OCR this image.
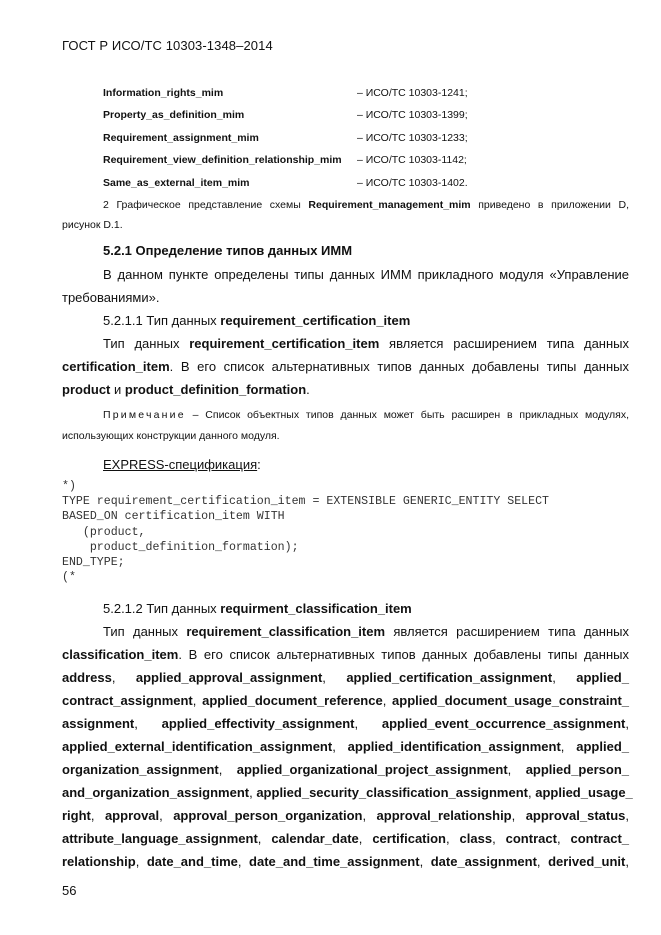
ГОСТ Р ИСО/ТС 10303-1348–2014
Information_rights_mim	– ИСО/ТС 10303-1241;
Property_as_definition_mim	– ИСО/ТС 10303-1399;
Requirement_assignment_mim	– ИСО/ТС 10303-1233;
Requirement_view_definition_relationship_mim – ИСО/ТС 10303-1142;
Same_as_external_item_mim	– ИСО/ТС 10303-1402.
2 Графическое представление схемы Requirement_management_mim приведено в приложении D,
рисунок D.1.
5.2.1 Определение типов данных ИММ
В данном пункте определены типы данных ИММ прикладного модуля «Управление
требованиями».
5.2.1.1 Тип данных requirement_certification_item
Тип данных requirement_certification_item является расширением типа данных
certification_item. В его список альтернативных типов данных добавлены типы данных
product и product_definition_formation.
Примечание – Список объектных типов данных может быть расширен в прикладных модулях,
использующих конструкции данного модуля.
EXPRESS-спецификация:
*)
TYPE requirement_certification_item = EXTENSIBLE GENERIC_ENTITY SELECT
BASED_ON certification_item WITH
(product,
product_definition_formation);
END_TYPE;
(*
5.2.1.2 Тип данных requirment_classification_item
Тип данных requirement_classification_item является расширением типа данных
classification_item. В его список альтернативных типов данных добавлены типы данных
address, applied_approval_assignment, applied_certification_assignment, applied_
contract_assignment, applied_document_reference, applied_document_usage_constraint_
assignment, applied_effectivity_assignment, applied_event_occurrence_assignment,
applied_external_identification_assignment, applied_identification_assignment, applied_
organization_assignment, applied_organizational_project_assignment, applied_person_
and_organization_assignment, applied_security_classification_assignment, applied_usage_
right, approval, approval_person_organization, approval_relationship, approval_status,
attribute_language_assignment, calendar_date, certification, class, contract, contract_
relationship, date_and_time, date_and_time_assignment, date_assignment, derived_unit,
56
